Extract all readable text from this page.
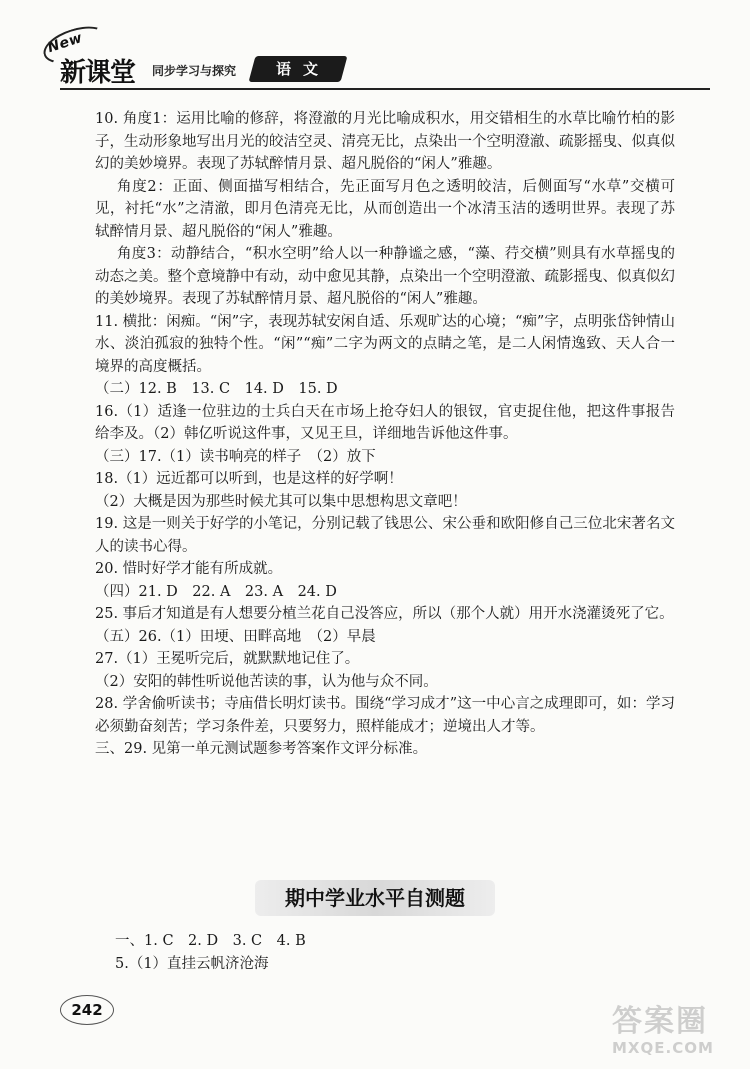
New
新课堂 同步学习与探究	语文

10. 角度1：运用比喻的修辞，将澄澈的月光比喻成积水，用交错相生的水草比喻竹柏的影子，生动形象地写出月光的皎洁空灵、清亮无比，点染出一个空明澄澈、疏影摇曳、似真似幻的美妙境界。表现了苏轼醉情月景、超凡脱俗的“闲人”雅趣。

角度2：正面、侧面描写相结合，先正面写月色之透明皎洁，后侧面写“水草”交横可见，衬托“水”之清澈，即月色清亮无比，从而创造出一个冰清玉洁的透明世界。表现了苏轼醉情月景、超凡脱俗的“闲人”雅趣。

角度3：动静结合，“积水空明”给人以一种静谧之感，“藻、荇交横”则具有水草摇曳的动态之美。整个意境静中有动，动中愈见其静，点染出一个空明澄澈、疏影摇曳、似真似幻的美妙境界。表现了苏轼醉情月景、超凡脱俗的“闲人”雅趣。

11. 横批：闲痴。“闲”字，表现苏轼安闲自适、乐观旷达的心境；“痴”字，点明张岱钟情山水、淡泊孤寂的独特个性。“闲”“痴”二字为两文的点睛之笔，是二人闲情逸致、天人合一境界的高度概括。

（二）12. B　13. C　14. D　15. D

16.（1）适逢一位驻边的士兵白天在市场上抢夺妇人的银钗，官吏捉住他，把这件事报告给李及。（2）韩亿听说这件事，又见王旦，详细地告诉他这件事。

（三）17.（1）读书响亮的样子　（2）放下

18.（1）远近都可以听到，也是这样的好学啊！

（2）大概是因为那些时候尤其可以集中思想构思文章吧！

19. 这是一则关于好学的小笔记，分别记载了钱思公、宋公垂和欧阳修自己三位北宋著名文人的读书心得。

20. 惜时好学才能有所成就。

（四）21. D　22. A　23. A　24. D

25. 事后才知道是有人想要分植兰花自己没答应，所以（那个人就）用开水浇灌烫死了它。

（五）26.（1）田埂、田畔高地　（2）早晨

27.（1）王冕听完后，就默默地记住了。

（2）安阳的韩性听说他苦读的事，认为他与众不同。

28. 学舍偷听读书；寺庙借长明灯读书。围绕“学习成才”这一中心言之成理即可，如：学习必须勤奋刻苦；学习条件差，只要努力，照样能成才；逆境出人才等。

三、29. 见第一单元测试题参考答案作文评分标准。

期中学业水平自测题

一、1. C　2. D　3. C　4. B

5.（1）直挂云帆济沧海

242	答案圈
MXQE.COM
